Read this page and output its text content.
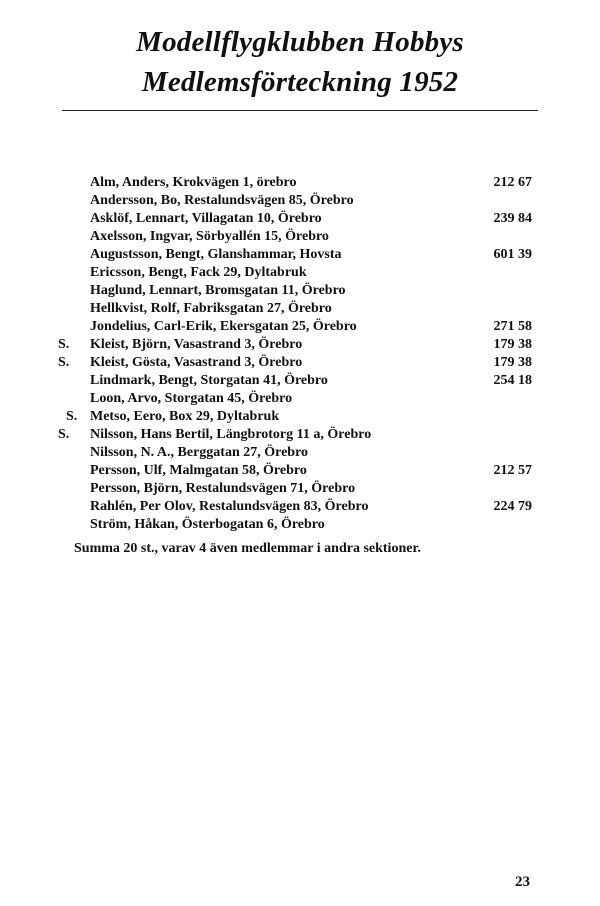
Modellflygklubben Hobbys
Medlemsförteckning 1952
Alm, Anders, Krokvägen 1, örebro	212 67
Andersson, Bo, Restalundsvägen 85, Örebro
Asklöf, Lennart, Villagatan 10, Örebro	239 84
Axelsson, Ingvar, Sörbyallén 15, Örebro
Augustsson, Bengt, Glanshammar, Hovsta	601 39
Ericsson, Bengt, Fack 29, Dyltabruk
Haglund, Lennart, Bromsgatan 11, Örebro
Hellkvist, Rolf, Fabriksgatan 27, Örebro
Jondelius, Carl-Erik, Ekersgatan 25, Örebro	271 58
S. Kleist, Björn, Vasastrand 3, Örebro	179 38
S. Kleist, Gösta, Vasastrand 3, Örebro	179 38
Lindmark, Bengt, Storgatan 41, Örebro	254 18
Loon, Arvo, Storgatan 45, Örebro
S. Metso, Eero, Box 29, Dyltabruk
S. Nilsson, Hans Bertil, Längbrotorg 11 a, Örebro
Nilsson, N. A., Berggatan 27, Örebro
Persson, Ulf, Malmgatan 58, Örebro	212 57
Persson, Björn, Restalundsvägen 71, Örebro
Rahlén, Per Olov, Restalundsvägen 83, Örebro	224 79
Ström, Håkan, Österbogatan 6, Örebro
Summa 20 st., varav 4 även medlemmar i andra sektioner.
23
